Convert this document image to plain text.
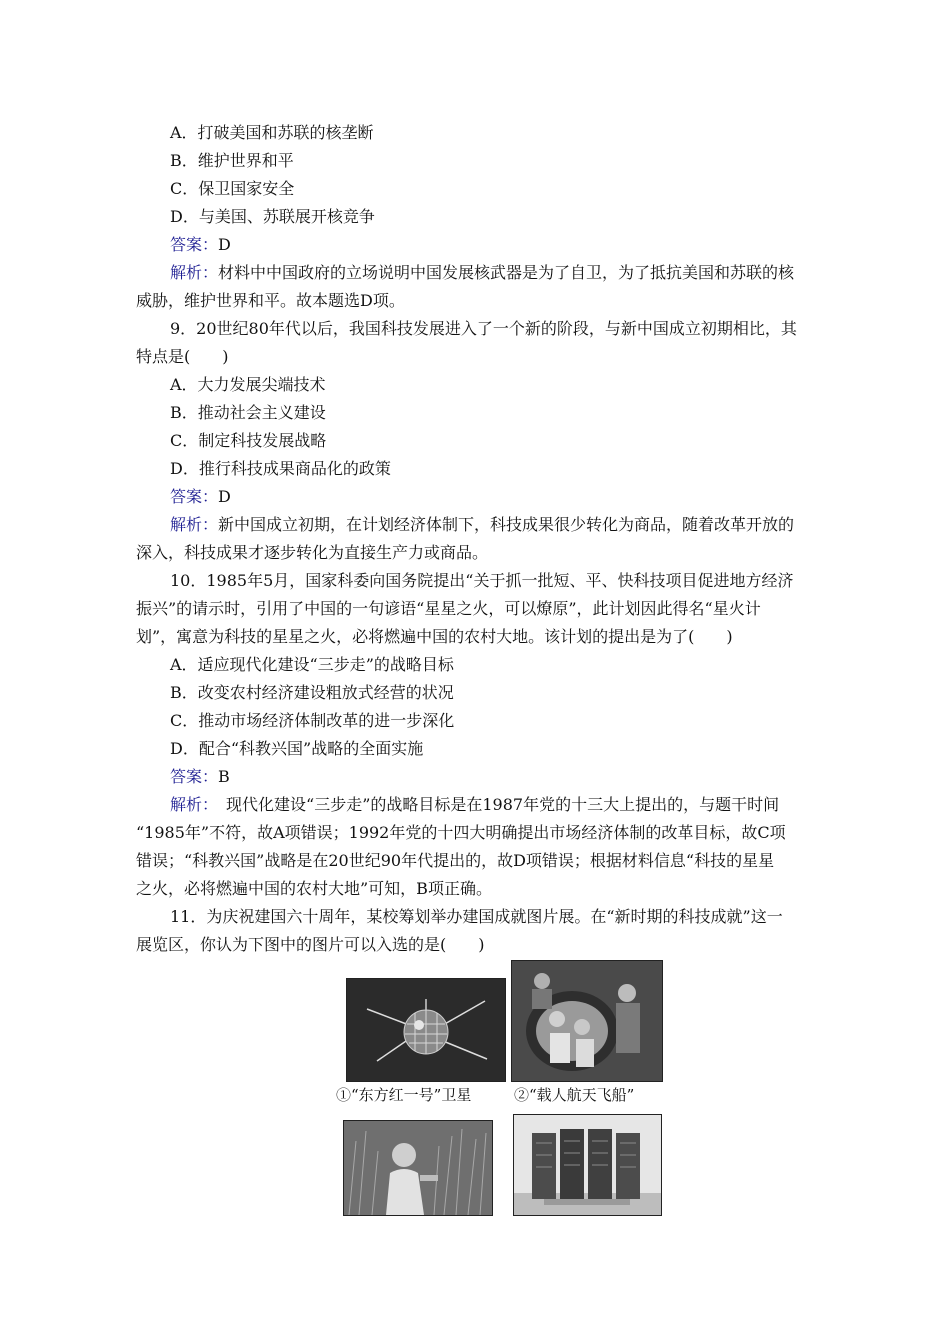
A．打破美国和苏联的核垄断
B．维护世界和平
C．保卫国家安全
D．与美国、苏联展开核竞争
答案：D
解析：材料中中国政府的立场说明中国发展核武器是为了自卫，为了抵抗美国和苏联的核
威胁，维护世界和平。故本题选D项。
9．20世纪80年代以后，我国科技发展进入了一个新的阶段，与新中国成立初期相比，其
特点是(　　)
A．大力发展尖端技术
B．推动社会主义建设
C．制定科技发展战略
D．推行科技成果商品化的政策
答案：D
解析：新中国成立初期，在计划经济体制下，科技成果很少转化为商品，随着改革开放的
深入，科技成果才逐步转化为直接生产力或商品。
10．1985年5月，国家科委向国务院提出“关于抓一批短、平、快科技项目促进地方经济
振兴”的请示时，引用了中国的一句谚语“星星之火，可以燎原”，此计划因此得名“星火计
划”，寓意为科技的星星之火，必将燃遍中国的农村大地。该计划的提出是为了(　　)
A．适应现代化建设“三步走”的战略目标
B．改变农村经济建设粗放式经营的状况
C．推动市场经济体制改革的进一步深化
D．配合“科教兴国”战略的全面实施
答案：B
解析：　现代化建设“三步走”的战略目标是在1987年党的十三大上提出的，与题干时间
“1985年”不符，故A项错误；1992年党的十四大明确提出市场经济体制的改革目标，故C项
错误；“科教兴国”战略是在20世纪90年代提出的，故D项错误；根据材料信息“科技的星星
之火，必将燃遍中国的农村大地”可知，B项正确。
11．为庆祝建国六十周年，某校筹划举办建国成就图片展。在“新时期的科技成就”这一
展览区，你认为下图中的图片可以入选的是(　　)
①“东方红一号”卫星	②“载人航天飞船”
